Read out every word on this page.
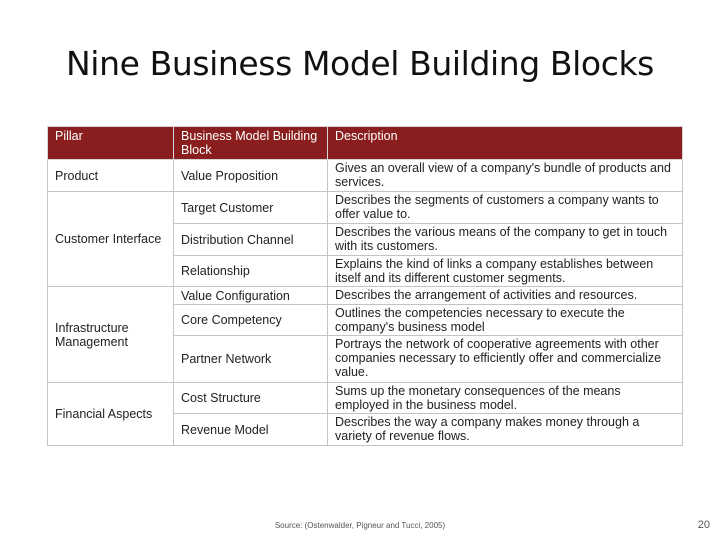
Nine Business Model Building Blocks
Pillar	Business Model Building Block	Description
Product	Value Proposition	Gives an overall view of a company's bundle of products and services.
Customer Interface	Target Customer	Describes the segments of customers a company wants to offer value to.
	Distribution Channel	Describes the various means of the company to get in touch with its customers.
	Relationship	Explains the kind of links a company establishes between itself and its different customer segments.
Infrastructure Management	Value Configuration	Describes the arrangement of activities and resources.
	Core Competency	Outlines the competencies necessary to execute the company's business model
	Partner Network	Portrays the network of cooperative agreements with other companies necessary to efficiently offer and commercialize value.
Financial Aspects	Cost Structure	Sums up the monetary consequences of the means employed in the business model.
	Revenue Model	Describes the way a company makes money through a variety of revenue flows.
Source: (Ostenwalder, Pigneur and Tucci, 2005)	20
